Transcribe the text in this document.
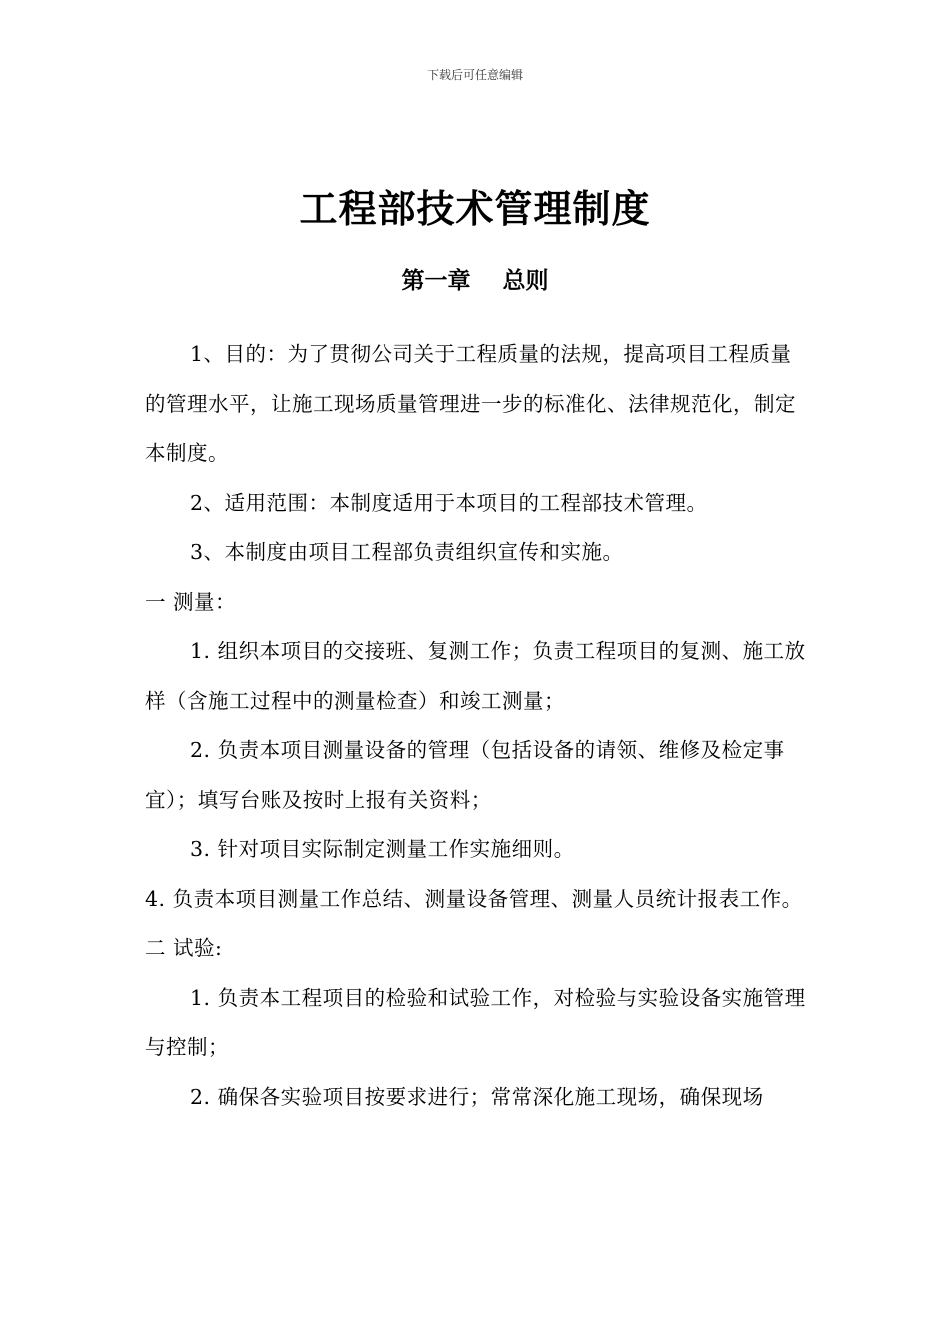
下载后可任意编辑
工程部技术管理制度
第一章    总则

1、目的：为了贯彻公司关于工程质量的法规，提高项目工程质量的管理水平，让施工现场质量管理进一步的标准化、法律规范化，制定本制度。

2、适用范围：本制度适用于本项目的工程部技术管理。

3、本制度由项目工程部负责组织宣传和实施。

一 测量：

1. 组织本项目的交接班、复测工作；负责工程项目的复测、施工放样（含施工过程中的测量检查）和竣工测量；

2. 负责本项目测量设备的管理（包括设备的请领、维修及检定事宜）；填写台账及按时上报有关资料；

3. 针对项目实际制定测量工作实施细则。

4. 负责本项目测量工作总结、测量设备管理、测量人员统计报表工作。

二 试验:

1. 负责本工程项目的检验和试验工作，对检验与实验设备实施管理与控制；

2. 确保各实验项目按要求进行；常常深化施工现场，确保现场
